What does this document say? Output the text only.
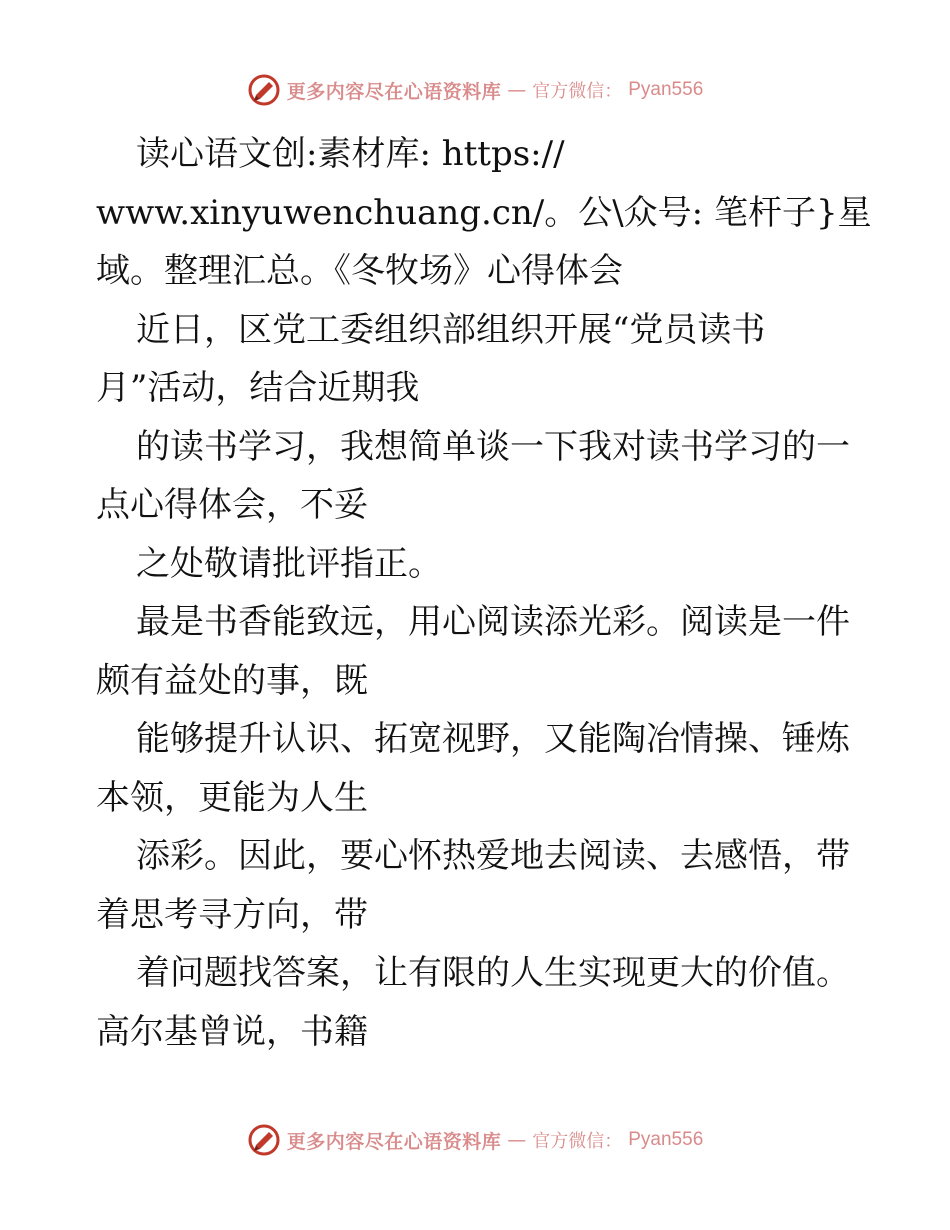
更多内容尽在心语资料库 — 官方微信： Pyan556
读心语文创:素材库: https://
www.xinyuwenchuang.cn/。公\众号: 笔杆子}星
域。整理汇总。《冬牧场》心得体会
近日，区党工委组织部组织开展“党员读书
月”活动，结合近期我
的读书学习，我想简单谈一下我对读书学习的一
点心得体会，不妥
之处敬请批评指正。
最是书香能致远，用心阅读添光彩。阅读是一件
颇有益处的事，既
能够提升认识、拓宽视野，又能陶冶情操、锤炼
本领，更能为人生
添彩。因此，要心怀热爱地去阅读、去感悟，带
着思考寻方向，带
着问题找答案，让有限的人生实现更大的价值。
高尔基曾说，书籍
更多内容尽在心语资料库 — 官方微信： Pyan556
